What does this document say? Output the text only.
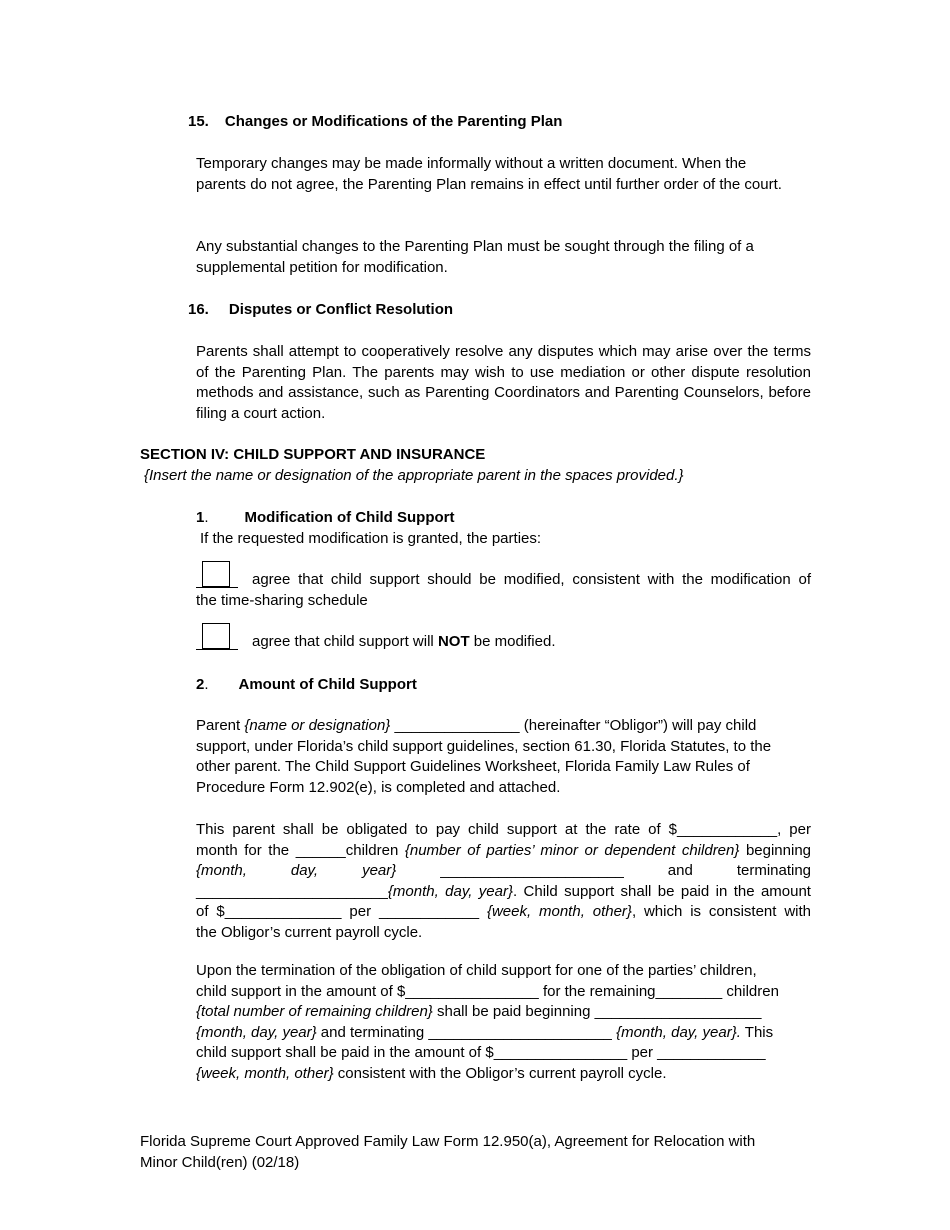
15. Changes or Modifications of the Parenting Plan

Temporary changes may be made informally without a written document. When the parents do not agree, the Parenting Plan remains in effect until further order of the court.

Any substantial changes to the Parenting Plan must be sought through the filing of a supplemental petition for modification.

16. Disputes or Conflict Resolution

Parents shall attempt to cooperatively resolve any disputes which may arise over the terms of the Parenting Plan. The parents may wish to use mediation or other dispute resolution methods and assistance, such as Parenting Coordinators and Parenting Counselors, before filing a court action.

SECTION IV: CHILD SUPPORT AND INSURANCE
{Insert the name or designation of the appropriate parent in the spaces provided.}
1. Modification of Child Support
If the requested modification is granted, the parties:
agree that child support should be modified, consistent with the modification of
the time-sharing schedule
agree that child support will NOT be modified.
2. Amount of Child Support
Parent {name or designation} _______________ (hereinafter “Obligor”) will pay child
support, under Florida’s child support guidelines, section 61.30, Florida Statutes, to the
other parent. The Child Support Guidelines Worksheet, Florida Family Law Rules of
Procedure Form 12.902(e), is completed and attached.
This parent shall be obligated to pay child support at the rate of $____________, per
month for the ______children {number of parties’ minor or dependent children} beginning
{month,	day,	year}	______________________	and	terminating
_______________________{month, day, year}. Child support shall be paid in the amount
of $______________ per ____________ {week, month, other}, which is consistent with
the Obligor’s current payroll cycle.
Upon the termination of the obligation of child support for one of the parties’ children,
child support in the amount of $________________ for the remaining________ children
{total number of remaining children} shall be paid beginning ____________________
{month, day, year} and terminating ______________________ {month, day, year}. This
child support shall be paid in the amount of $________________ per _____________
{week, month, other} consistent with the Obligor’s current payroll cycle.
Florida Supreme Court Approved Family Law Form 12.950(a), Agreement for Relocation with
Minor Child(ren) (02/18)
